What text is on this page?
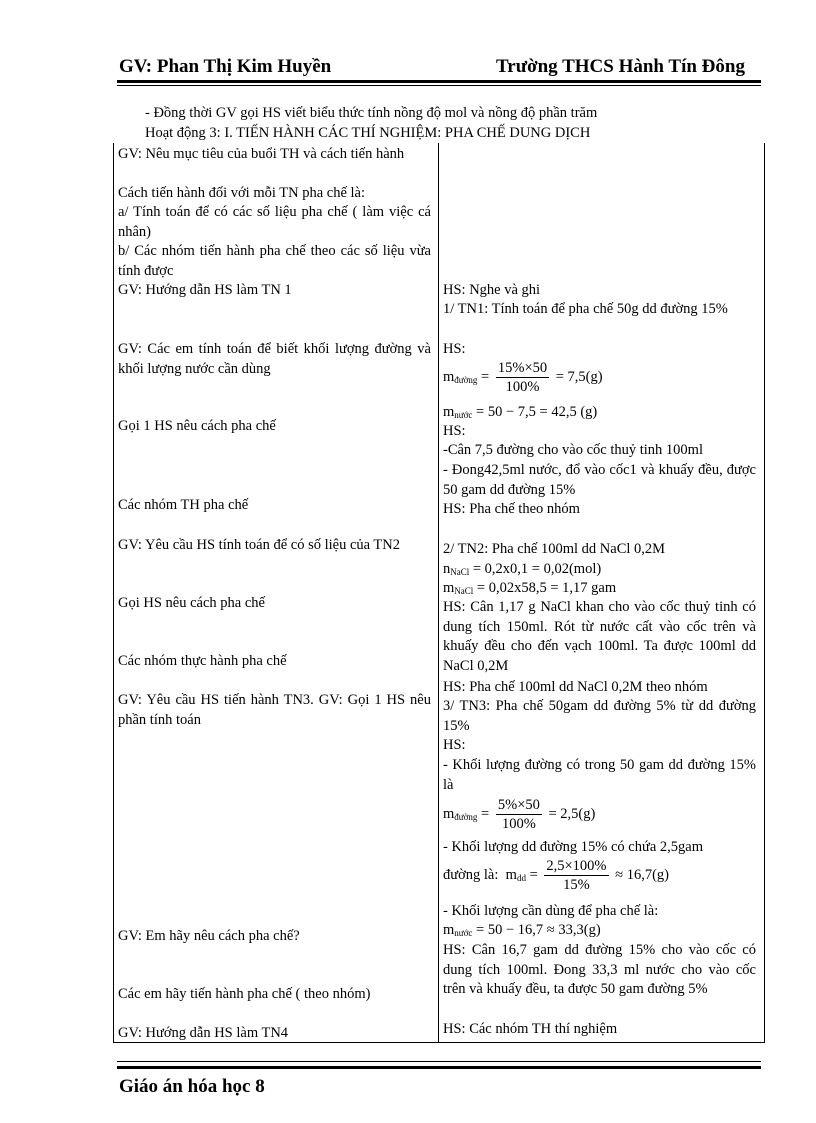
GV: Phan Thị Kim Huyền	Trường THCS Hành Tín Đông
- Đồng thời GV gọi HS viết biểu thức tính nồng độ mol và nồng độ phần trăm
Hoạt động 3: I. TIẾN HÀNH CÁC THÍ NGHIỆM: PHA CHẾ DUNG DỊCH
GV: Nêu mục tiêu của buổi TH và cách tiến hành
Cách tiến hành đối với mỗi TN pha chế là:
a/ Tính toán để có các số liệu pha chế ( làm việc cá nhân)
b/ Các nhóm tiến hành pha chế theo các số liệu vừa tính được
GV: Hướng dẫn HS làm TN 1
GV: Các em tính toán để biết khối lượng đường và khối lượng nước cần dùng
Gọi 1 HS nêu cách pha chế
Các nhóm TH pha chế
GV: Yêu cầu HS tính toán để có số liệu của TN2
Gọi HS nêu cách pha chế
Các nhóm thực hành pha chế
GV: Yêu cầu HS tiến hành TN3. GV: Gọi 1 HS nêu phần tính toán
GV: Em hãy nêu cách pha chế?
Các em hãy tiến hành pha chế ( theo nhóm)
GV: Hướng dẫn HS làm TN4
HS: Nghe và ghi
1/ TN1: Tính toán để pha chế 50g dd đường 15%
HS:
$m_{đường} = \frac{15\%\times 50}{100\%} = 7,5(g)$
$m_{nước} = 50 - 7,5 = 42,5$ (g)
HS:
-Cân 7,5 đường cho vào cốc thuỷ tinh 100ml
- Đong42,5ml nước, đổ vào cốc1 và khuấy đều, được 50 gam dd đường 15%
HS: Pha chế theo nhóm
2/ TN2: Pha chế 100ml dd NaCl 0,2M
$n_{NaCl} = 0,2x0,1 = 0,02(mol)$
$m_{NaCl} = 0,02x58,5 = 1,17$ gam
HS: Cân 1,17 g NaCl khan cho vào cốc thuỷ tinh có dung tích 150ml. Rót từ nước cất vào cốc trên và khuấy đều cho đến vạch 100ml. Ta được 100ml dd NaCl 0,2M
HS: Pha chế 100ml dd NaCl 0,2M theo nhóm
3/ TN3: Pha chế 50gam dd đường 5% từ dd đường 15%
HS:
- Khối lượng đường có trong 50 gam dd đường 15% là
$m_{đường} = \frac{5\%\times 50}{100\%} = 2,5(g)$
- Khối lượng dd đường 15% có chứa 2,5gam
đường là: $m_{dd} = \frac{2,5\times 100\%}{15\%} \approx 16,7(g)$
- Khối lượng cần dùng để pha chế là:
$m_{nước} = 50 - 16,7 \approx 33,3(g)$
HS: Cân 16,7 gam dd đường 15% cho vào cốc có dung tích 100ml. Đong 33,3 ml nước cho vào cốc trên và khuấy đều, ta được 50 gam đường 5%
HS: Các nhóm TH thí nghiệm
Giáo án hóa học 8
